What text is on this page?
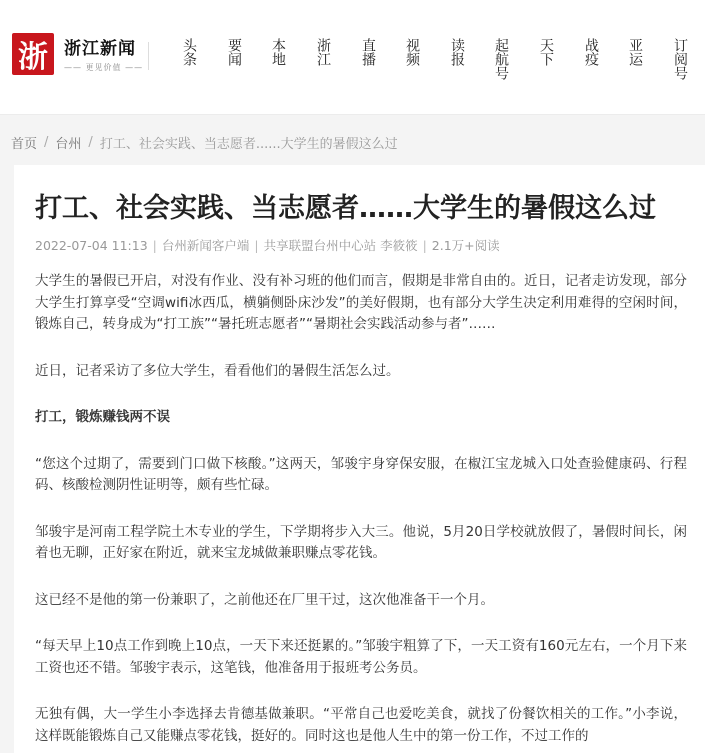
浙 浙江新闻
—— 更见价值 ——
头条	要闻	本地	浙江	直播	视频	读报	起航号	天下	战疫	亚运	订阅号
首页 / 台州 / 打工、社会实践、当志愿者......大学生的暑假这么过
打工、社会实践、当志愿者……大学生的暑假这么过
2022-07-04 11:13 | 台州新闻客户端 | 共享联盟台州中心站 李筱筱 | 2.1万+阅读

大学生的暑假已开启，对没有作业、没有补习班的他们而言，假期是非常自由的。近日，记者走访发现，部分大学生打算享受“空调wifi冰西瓜，横躺侧卧床沙发”的美好假期，也有部分大学生决定利用难得的空闲时间，锻炼自己，转身成为“打工族”“暑托班志愿者”“暑期社会实践活动参与者”……

近日，记者采访了多位大学生，看看他们的暑假生活怎么过。

打工，锻炼赚钱两不误

“您这个过期了，需要到门口做下核酸。”这两天，邹骏宇身穿保安服，在椒江宝龙城入口处查验健康码、行程码、核酸检测阴性证明等，颇有些忙碌。

邹骏宇是河南工程学院土木专业的学生，下学期将步入大三。他说，5月20日学校就放假了，暑假时间长，闲着也无聊，正好家在附近，就来宝龙城做兼职赚点零花钱。

这已经不是他的第一份兼职了，之前他还在厂里干过，这次他准备干一个月。

“每天早上10点工作到晚上10点，一天下来还挺累的。”邹骏宇粗算了下，一天工资有160元左右，一个月下来工资也还不错。邹骏宇表示，这笔钱，他准备用于报班考公务员。

无独有偶，大一学生小李选择去肯德基做兼职。“平常自己也爱吃美食，就找了份餐饮相关的工作。”小李说，这样既能锻炼自己又能赚点零花钱，挺好的。同时这也是他人生中的第一份工作，不过工作的
